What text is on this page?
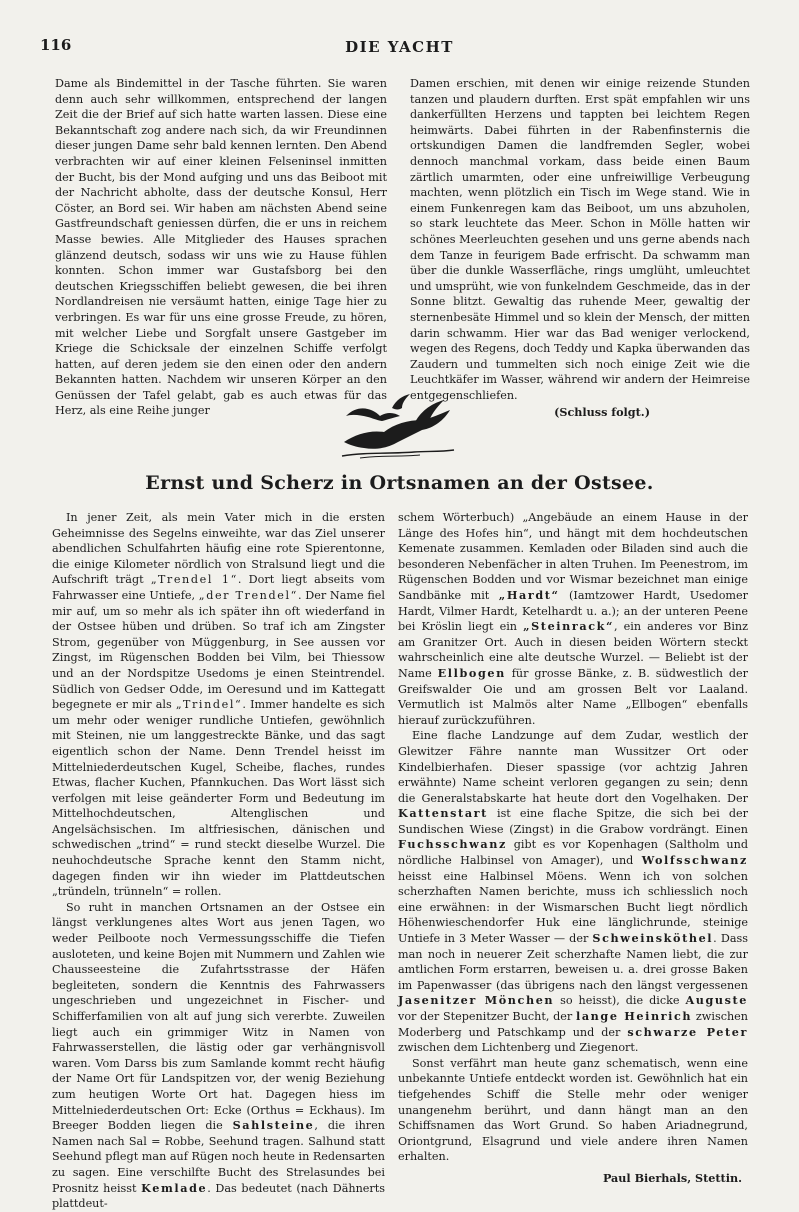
116	DIE YACHT

Dame als Bindemittel in der Tasche führten. Sie waren denn auch sehr willkommen, entsprechend der langen Zeit die der Brief auf sich hatte warten lassen. Diese eine Bekanntschaft zog andere nach sich, da wir Freundinnen dieser jungen Dame sehr bald kennen lernten. Den Abend verbrachten wir auf einer kleinen Felseninsel inmitten der Bucht, bis der Mond aufging und uns das Beiboot mit der Nachricht abholte, dass der deutsche Konsul, Herr Cöster, an Bord sei. Wir haben am nächsten Abend seine Gastfreundschaft geniessen dürfen, die er uns in reichem Masse bewies. Alle Mitglieder des Hauses sprachen glänzend deutsch, sodass wir uns wie zu Hause fühlen konnten. Schon immer war Gustafsborg bei den deutschen Kriegsschiffen beliebt gewesen, die bei ihren Nordlandreisen nie versäumt hatten, einige Tage hier zu verbringen. Es war für uns eine grosse Freude, zu hören, mit welcher Liebe und Sorgfalt unsere Gastgeber im Kriege die Schicksale der einzelnen Schiffe verfolgt hatten, auf deren jedem sie den einen oder den andern Bekannten hatten. Nachdem wir unseren Körper an den Genüssen der Tafel gelabt, gab es auch etwas für das Herz, als eine Reihe junger

Damen erschien, mit denen wir einige reizende Stunden tanzen und plaudern durften. Erst spät empfahlen wir uns dankerfüllten Herzens und tappten bei leichtem Regen heimwärts. Dabei führten in der Rabenfinsternis die ortskundigen Damen die landfremden Segler, wobei dennoch manchmal vorkam, dass beide einen Baum zärtlich umarmten, oder eine unfreiwillige Verbeugung machten, wenn plötzlich ein Tisch im Wege stand. Wie in einem Funkenregen kam das Beiboot, um uns abzuholen, so stark leuchtete das Meer. Schon in Mölle hatten wir schönes Meerleuchten gesehen und uns gerne abends nach dem Tanze in feurigem Bade erfrischt. Da schwamm man über die dunkle Wasserfläche, rings umglüht, umleuchtet und umsprüht, wie von funkelndem Geschmeide, das in der Sonne blitzt. Gewaltig das ruhende Meer, gewaltig der sternenbesäte Himmel und so klein der Mensch, der mitten darin schwamm. Hier war das Bad weniger verlockend, wegen des Regens, doch Teddy und Kapka überwanden das Zaudern und tummelten sich noch einige Zeit wie die Leuchtkäfer im Wasser, während wir andern der Heimreise entgegenschliefen.

(Schluss folgt.)
Ernst und Scherz in Ortsnamen an der Ostsee.

In jener Zeit, als mein Vater mich in die ersten Geheimnisse des Segelns einweihte, war das Ziel unserer abendlichen Schulfahrten häufig eine rote Spierentonne, die einige Kilometer nördlich von Stralsund liegt und die Aufschrift trägt „Trendel 1“. Dort liegt abseits vom Fahrwasser eine Untiefe, „der Trendel“. Der Name fiel mir auf, um so mehr als ich später ihn oft wiederfand in der Ostsee hüben und drüben. So traf ich am Zingster Strom, gegenüber von Müggenburg, in See aussen vor Zingst, im Rügenschen Bodden bei Vilm, bei Thiessow und an der Nordspitze Usedoms je einen Steintrendel. Südlich von Gedser Odde, im Oeresund und im Kattegatt begegnete er mir als „Trindel“. Immer handelte es sich um mehr oder weniger rundliche Untiefen, gewöhnlich mit Steinen, nie um langgestreckte Bänke, und das sagt eigentlich schon der Name. Denn Trendel heisst im Mittelniederdeutschen Kugel, Scheibe, flaches, rundes Etwas, flacher Kuchen, Pfannkuchen. Das Wort lässt sich verfolgen mit leise geänderter Form und Bedeutung im Mittelhochdeutschen, Altenglischen und Angelsächsischen. Im altfriesischen, dänischen und schwedischen „trind“ = rund steckt dieselbe Wurzel. Die neuhochdeutsche Sprache kennt den Stamm nicht, dagegen finden wir ihn wieder im Plattdeutschen „tründeln, trünneln“ = rollen.

So ruht in manchen Ortsnamen an der Ostsee ein längst verklungenes altes Wort aus jenen Tagen, wo weder Peilboote noch Vermessungsschiffe die Tiefen ausloteten, und keine Bojen mit Nummern und Zahlen wie Chausseesteine die Zufahrtsstrasse der Häfen begleiteten, sondern die Kenntnis des Fahrwassers ungeschrieben und ungezeichnet in Fischer- und Schifferfamilien von alt auf jung sich vererbte. Zuweilen liegt auch ein grimmiger Witz in Namen von Fahrwasserstellen, die lästig oder gar verhängnisvoll waren. Vom Darss bis zum Samlande kommt recht häufig der Name Ort für Landspitzen vor, der wenig Beziehung zum heutigen Worte Ort hat. Dagegen hiess im Mittelniederdeutschen Ort: Ecke (Orthus = Eckhaus). Im Breeger Bodden liegen die Sahlsteine, die ihren Namen nach Sal = Robbe, Seehund tragen. Salhund statt Seehund pflegt man auf Rügen noch heute in Redensarten zu sagen. Eine verschilfte Bucht des Strelasundes bei Prosnitz heisst Kemlade. Das bedeutet (nach Dähnerts plattdeut-

schem Wörterbuch) „Angebäude an einem Hause in der Länge des Hofes hin“, und hängt mit dem hochdeutschen Kemenate zusammen. Kemladen oder Biladen sind auch die besonderen Nebenfächer in alten Truhen. Im Peenestrom, im Rügenschen Bodden und vor Wismar bezeichnet man einige Sandbänke mit „Hardt“ (Iamtzower Hardt, Usedomer Hardt, Vilmer Hardt, Ketelhardt u. a.); an der unteren Peene bei Kröslin liegt ein „Steinrack“, ein anderes vor Binz am Granitzer Ort. Auch in diesen beiden Wörtern steckt wahrscheinlich eine alte deutsche Wurzel. — Beliebt ist der Name Ellbogen für grosse Bänke, z. B. südwestlich der Greifswalder Oie und am grossen Belt vor Laaland. Vermutlich ist Malmös alter Name „Ellbogen“ ebenfalls hierauf zurückzuführen.

Eine flache Landzunge auf dem Zudar, westlich der Glewitzer Fähre nannte man Wussitzer Ort oder Kindelbierhafen. Dieser spassige (vor achtzig Jahren erwähnte) Name scheint verloren gegangen zu sein; denn die Generalstabskarte hat heute dort den Vogelhaken. Der Kattenstart ist eine flache Spitze, die sich bei der Sundischen Wiese (Zingst) in die Grabow vordrängt. Einen Fuchsschwanz gibt es vor Kopenhagen (Saltholm und nördliche Halbinsel von Amager), und Wolfsschwanz heisst eine Halbinsel Möens. Wenn ich von solchen scherzhaften Namen berichte, muss ich schliesslich noch eine erwähnen: in der Wismarschen Bucht liegt nördlich Höhenwieschendorfer Huk eine länglichrunde, steinige Untiefe in 3 Meter Wasser — der Schweinsköthel. Dass man noch in neuerer Zeit scherzhafte Namen liebt, die zur amtlichen Form erstarren, beweisen u. a. drei grosse Baken im Papenwasser (das übrigens nach den längst vergessenen Jasenitzer Mönchen so heisst), die dicke Auguste vor der Stepenitzer Bucht, der lange Heinrich zwischen Moderberg und Patschkamp und der schwarze Peter zwischen dem Lichtenberg und Ziegenort.

Sonst verfährt man heute ganz schematisch, wenn eine unbekannte Untiefe entdeckt worden ist. Gewöhnlich hat ein tiefgehendes Schiff die Stelle mehr oder weniger unangenehm berührt, und dann hängt man an den Schiffsnamen das Wort Grund. So haben Ariadnegrund, Oriontgrund, Elsagrund und viele andere ihren Namen erhalten.

Paul Bierhals, Stettin.
